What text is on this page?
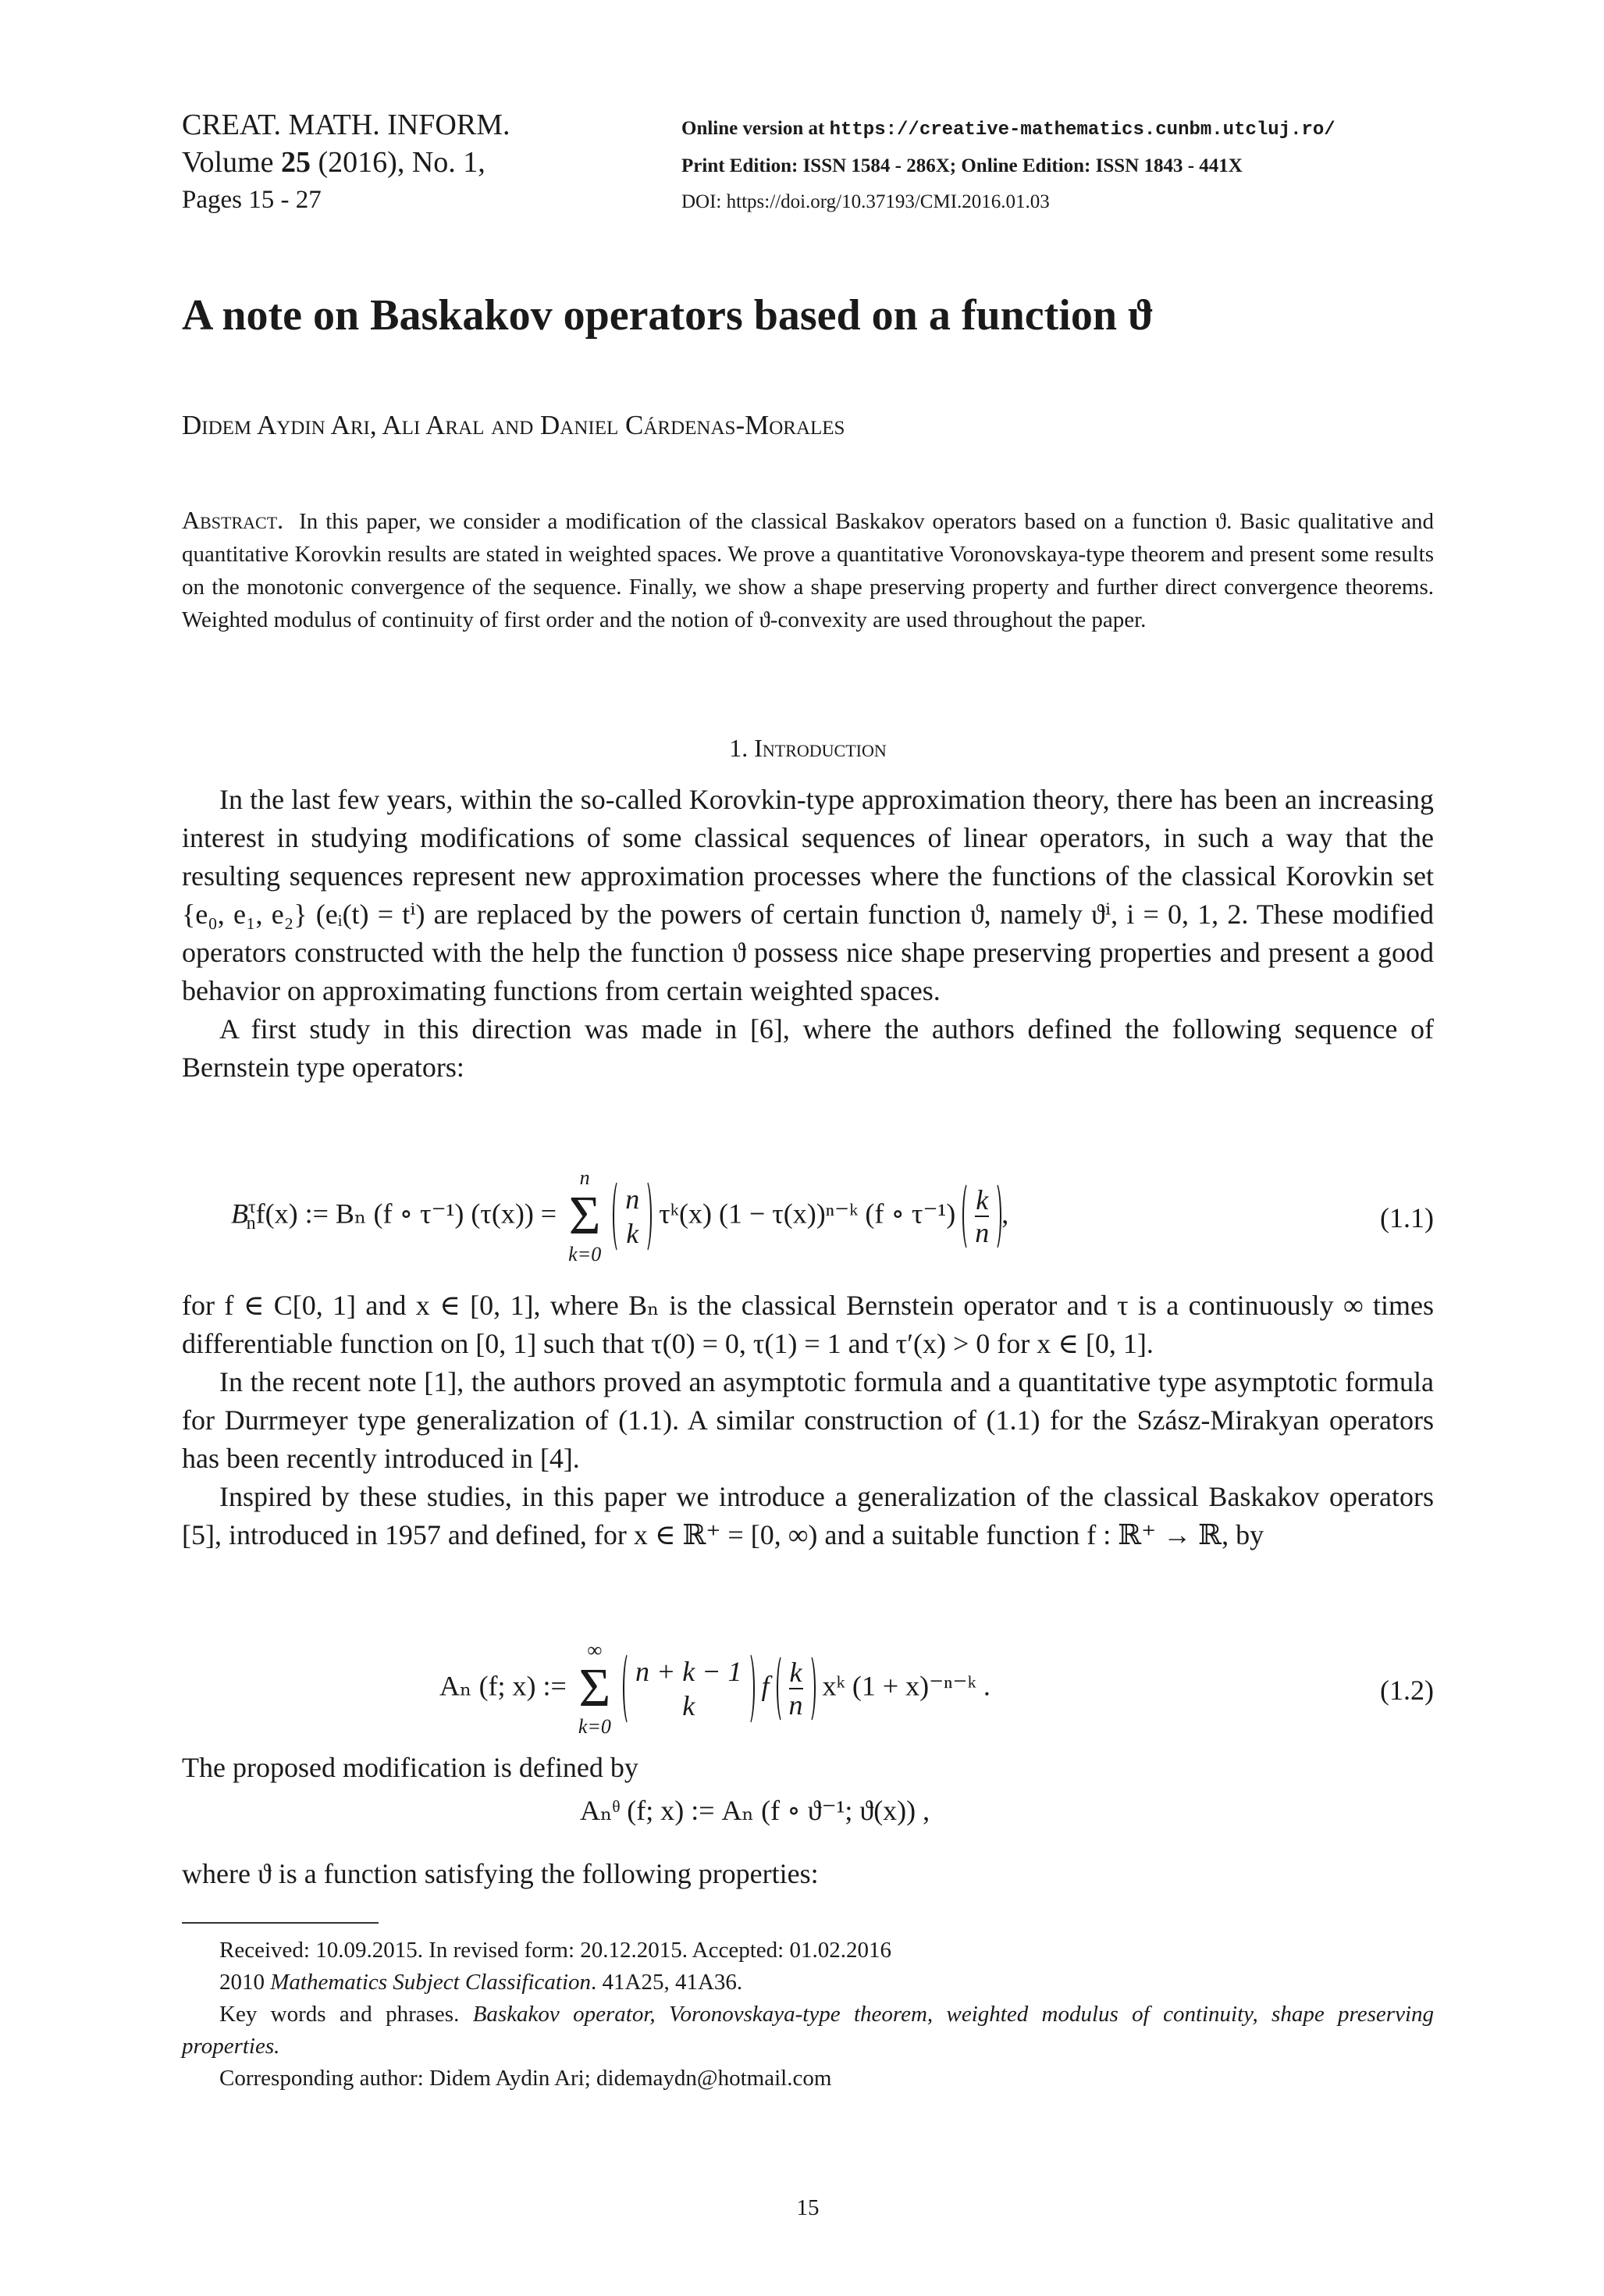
CREAT. MATH. INFORM.
Volume 25 (2016), No. 1,
Pages 15 - 27
Online version at https://creative-mathematics.cunbm.utcluj.ro/
Print Edition: ISSN 1584 - 286X; Online Edition: ISSN 1843 - 441X
DOI: https://doi.org/10.37193/CMI.2016.01.03
A note on Baskakov operators based on a function ϑ
Didem Aydin Ari, Ali Aral and Daniel Cárdenas-Morales
Abstract. In this paper, we consider a modification of the classical Baskakov operators based on a function ϑ. Basic qualitative and quantitative Korovkin results are stated in weighted spaces. We prove a quantitative Voronovskaya-type theorem and present some results on the monotonic convergence of the sequence. Finally, we show a shape preserving property and further direct convergence theorems. Weighted modulus of continuity of first order and the notion of ϑ-convexity are used throughout the paper.
1. Introduction

In the last few years, within the so-called Korovkin-type approximation theory, there has been an increasing interest in studying modifications of some classical sequences of linear operators, in such a way that the resulting sequences represent new approximation processes where the functions of the classical Korovkin set {e₀, e₁, e₂} (eᵢ(t) = tⁱ) are replaced by the powers of certain function ϑ, namely ϑⁱ, i = 0, 1, 2. These modified operators constructed with the help the function ϑ possess nice shape preserving properties and present a good behavior on approximating functions from certain weighted spaces.

A first study in this direction was made in [6], where the authors defined the following sequence of Bernstein type operators:

$B^\tau_nf(x)$ := Bₙ (f ∘ τ⁻¹) (τ(x)) =
n
Σ
k=0

n
k
τᵏ(x) (1 − τ(x))ⁿ⁻ᵏ (f ∘ $\tau^{-1}) \frac{k}{n}$ ,	(1.1)

for f ∈ C[0, 1] and x ∈ [0, 1], where Bₙ is the classical Bernstein operator and τ is a continuously ∞ times differentiable function on [0, 1] such that τ(0) = 0, τ(1) = 1 and τ′(x) > 0 for x ∈ [0, 1].

In the recent note [1], the authors proved an asymptotic formula and a quantitative type asymptotic formula for Durrmeyer type generalization of (1.1). A similar construction of (1.1) for the Szász-Mirakyan operators has been recently introduced in [4].

Inspired by these studies, in this paper we introduce a generalization of the classical Baskakov operators [5], introduced in 1957 and defined, for x ∈ ℝ⁺ = [0, ∞) and a suitable function f : ℝ⁺ → ℝ, by

Aₙ (f; x) :=
∞
Σ
k=0

n + k − 1
k
f $\frac{k}{n}$ xᵏ (1 + x)⁻ⁿ⁻ᵏ .	(1.2)

The proposed modification is defined by

Aₙᶿ (f; x) := Aₙ (f ∘ ϑ⁻¹; ϑ(x)) ,

where ϑ is a function satisfying the following properties:

Received: 10.09.2015. In revised form: 20.12.2015. Accepted: 01.02.2016

2010 Mathematics Subject Classification. 41A25, 41A36.

Key words and phrases. Baskakov operator, Voronovskaya-type theorem, weighted modulus of continuity, shape preserving properties.

Corresponding author: Didem Aydin Ari; didemaydn@hotmail.com

15
